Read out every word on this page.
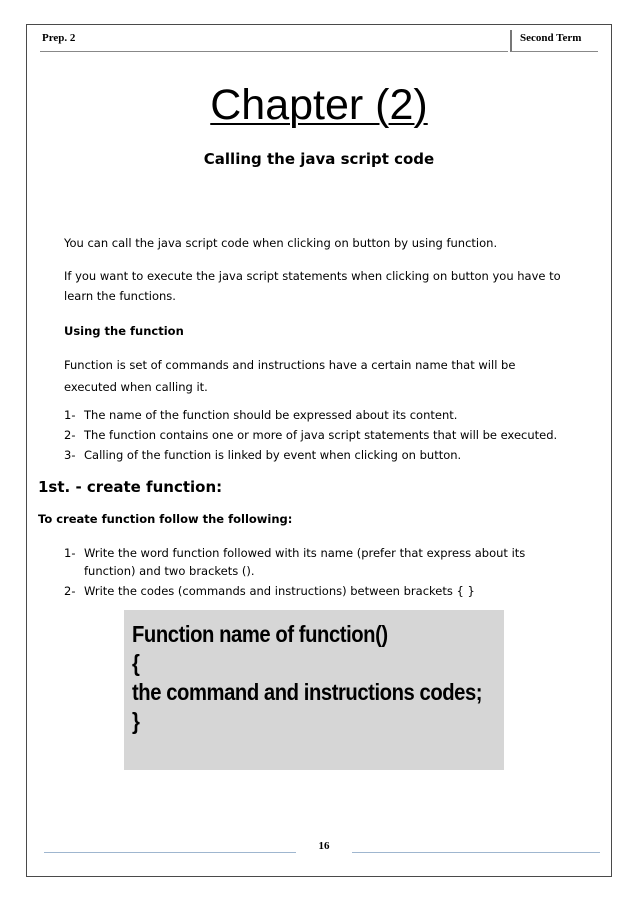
Prep. 2	Second Term
Chapter (2)
Calling the java script code
You can call the java script code when clicking on button by using function.
If you want to execute the java script statements when clicking on button you have to learn the functions.
Using the function
Function is set of commands and instructions have a certain name that will be executed when calling it.
1- The name of the function should be expressed about its content.
2- The function contains one or more of java script statements that will be executed.
3- Calling of the function is linked by event when clicking on button.
1st. - create function:
To create function follow the following:
1- Write the word function followed with its name (prefer that express about its function) and two brackets ().
2- Write the codes (commands and instructions) between brackets { }
Function name of function()
{
the command and instructions codes;
}
16
